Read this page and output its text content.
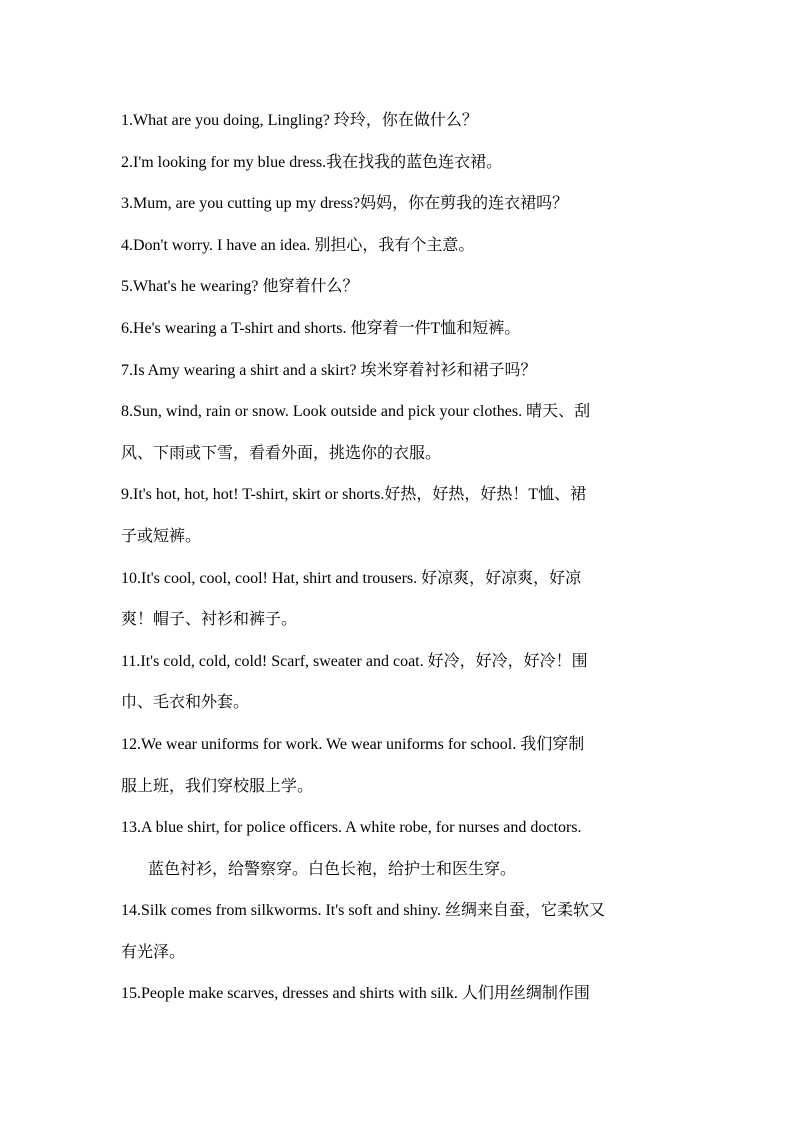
1.What are you doing, Lingling? 玲玲，你在做什么？
2.I'm looking for my blue dress.我在找我的蓝色连衣裙。
3.Mum, are you cutting up my dress?妈妈，你在剪我的连衣裙吗？
4.Don't worry. I have an idea. 别担心，我有个主意。
5.What's he wearing? 他穿着什么？
6.He's wearing a T-shirt and shorts. 他穿着一件T恤和短裤。
7.Is Amy wearing a shirt and a skirt? 埃米穿着衬衫和裙子吗？
8.Sun, wind, rain or snow. Look outside and pick your clothes. 晴天、刮
风、下雨或下雪，看看外面，挑选你的衣服。
9.It's hot, hot, hot! T-shirt, skirt or shorts.好热，好热，好热！T恤、裙
子或短裤。
10.It's cool, cool, cool! Hat, shirt and trousers. 好凉爽，好凉爽，好凉
爽！帽子、衬衫和裤子。
11.It's cold, cold, cold! Scarf, sweater and coat. 好冷，好冷，好冷！围
巾、毛衣和外套。
12.We wear uniforms for work. We wear uniforms for school. 我们穿制
服上班，我们穿校服上学。
13.A blue shirt, for police officers. A white robe, for nurses and doctors.
蓝色衬衫，给警察穿。白色长袍，给护士和医生穿。
14.Silk comes from silkworms. It's soft and shiny. 丝绸来自蚕，它柔软又
有光泽。
15.People make scarves, dresses and shirts with silk. 人们用丝绸制作围
